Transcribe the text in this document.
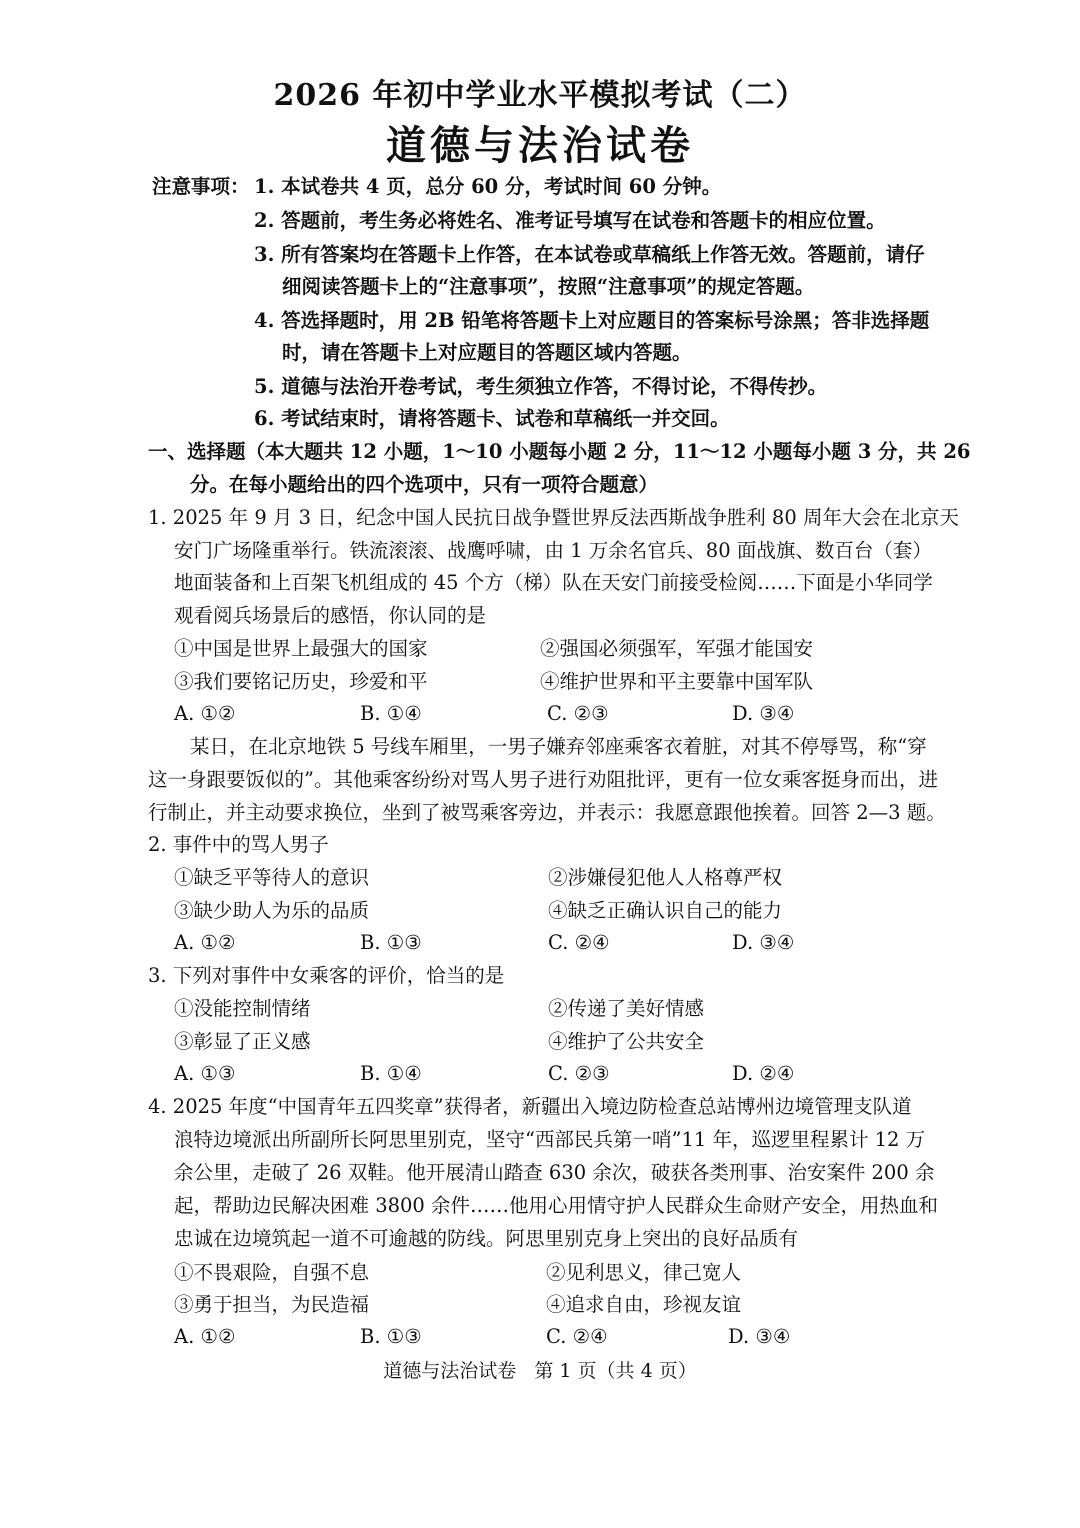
2026 年初中学业水平模拟考试（二）
道德与法治试卷
注意事项： 1. 本试卷共 4 页，总分 60 分，考试时间 60 分钟。
2. 答题前，考生务必将姓名、准考证号填写在试卷和答题卡的相应位置。
3. 所有答案均在答题卡上作答，在本试卷或草稿纸上作答无效。答题前，请仔
细阅读答题卡上的“注意事项”，按照“注意事项”的规定答题。
4. 答选择题时，用 2B 铅笔将答题卡上对应题目的答案标号涂黑；答非选择题
时，请在答题卡上对应题目的答题区域内答题。
5. 道德与法治开卷考试，考生须独立作答，不得讨论，不得传抄。
6. 考试结束时，请将答题卡、试卷和草稿纸一并交回。
一、选择题（本大题共 12 小题，1～10 小题每小题 2 分，11～12 小题每小题 3 分，共 26
分。在每小题给出的四个选项中，只有一项符合题意）
1. 2025 年 9 月 3 日，纪念中国人民抗日战争暨世界反法西斯战争胜利 80 周年大会在北京天
安门广场隆重举行。铁流滚滚、战鹰呼啸，由 1 万余名官兵、80 面战旗、数百台（套）
地面装备和上百架飞机组成的 45 个方（梯）队在天安门前接受检阅……下面是小华同学
观看阅兵场景后的感悟，你认同的是
①中国是世界上最强大的国家	②强国必须强军，军强才能国安
③我们要铭记历史，珍爱和平	④维护世界和平主要靠中国军队
A. ①②	B. ①④	C. ②③	D. ③④
某日，在北京地铁 5 号线车厢里，一男子嫌弃邻座乘客衣着脏，对其不停辱骂，称“穿
这一身跟要饭似的”。其他乘客纷纷对骂人男子进行劝阻批评，更有一位女乘客挺身而出，进
行制止，并主动要求换位，坐到了被骂乘客旁边，并表示：我愿意跟他挨着。回答 2—3 题。
2. 事件中的骂人男子
①缺乏平等待人的意识	②涉嫌侵犯他人人格尊严权
③缺少助人为乐的品质	④缺乏正确认识自己的能力
A. ①②	B. ①③	C. ②④	D. ③④
3. 下列对事件中女乘客的评价，恰当的是
①没能控制情绪	②传递了美好情感
③彰显了正义感	④维护了公共安全
A. ①③	B. ①④	C. ②③	D. ②④
4. 2025 年度“中国青年五四奖章”获得者，新疆出入境边防检查总站博州边境管理支队道
浪特边境派出所副所长阿思里别克，坚守“西部民兵第一哨”11 年，巡逻里程累计 12 万
余公里，走破了 26 双鞋。他开展清山踏查 630 余次，破获各类刑事、治安案件 200 余
起，帮助边民解决困难 3800 余件……他用心用情守护人民群众生命财产安全，用热血和
忠诚在边境筑起一道不可逾越的防线。阿思里别克身上突出的良好品质有
①不畏艰险，自强不息	②见利思义，律己宽人
③勇于担当，为民造福	④追求自由，珍视友谊
A. ①②	B. ①③	C. ②④	D. ③④
道德与法治试卷 第 1 页（共 4 页）
